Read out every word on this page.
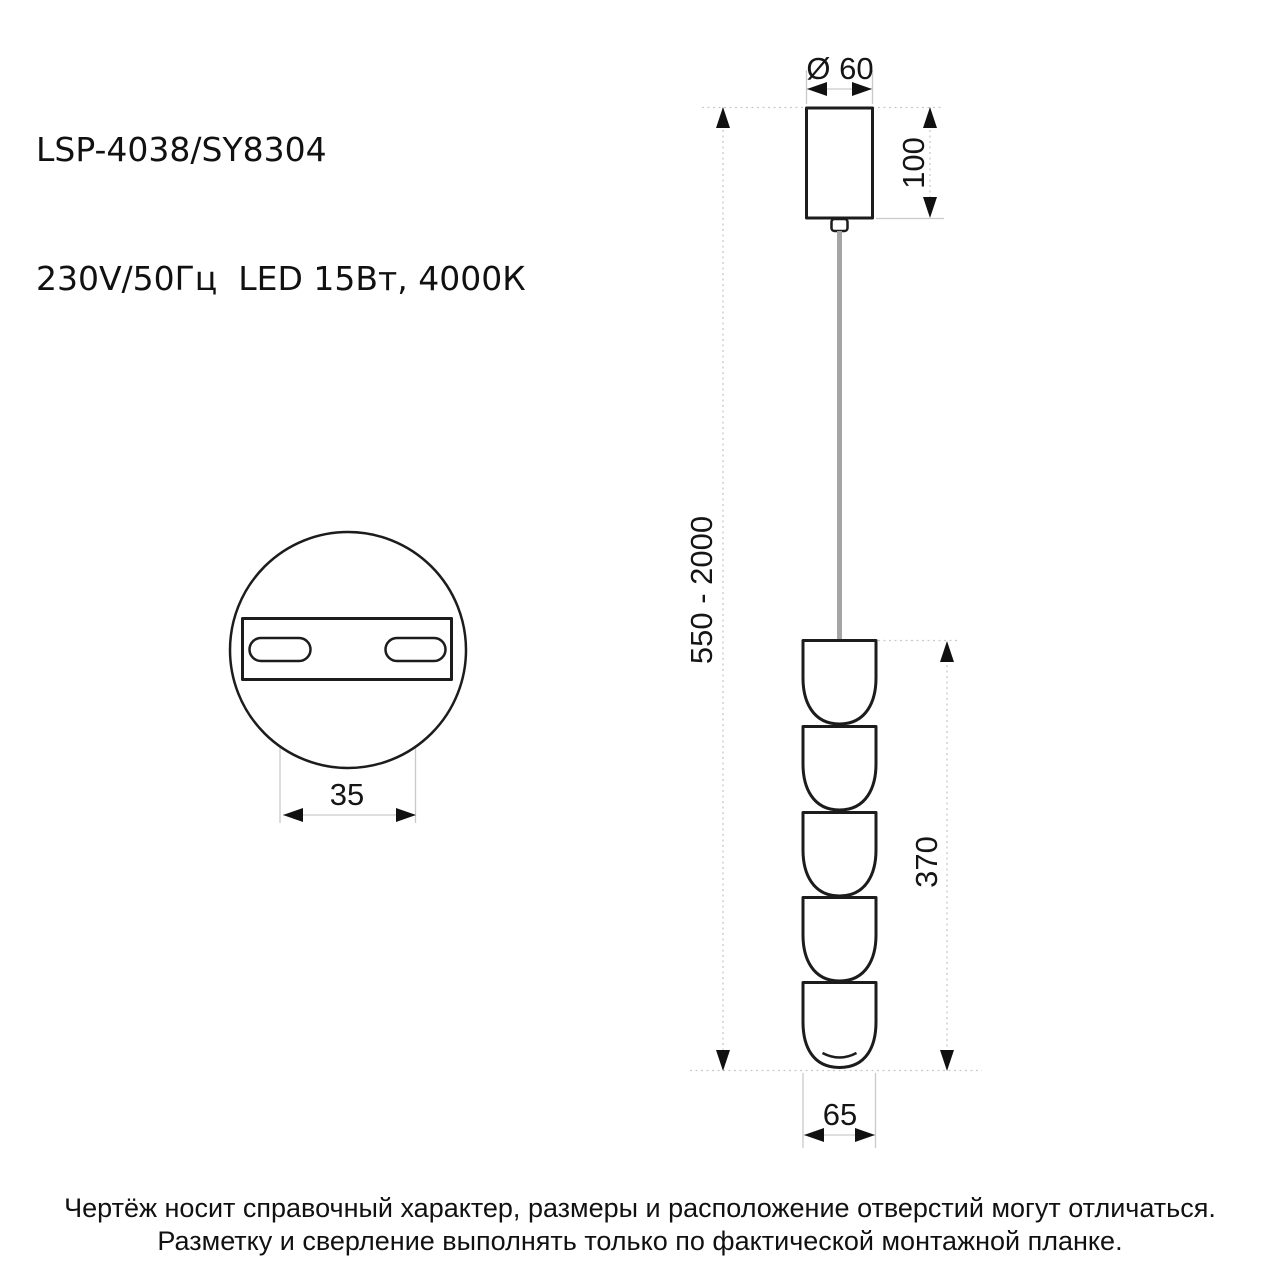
LSP-4038/SY8304

230V/50Гц  LED 15Вт, 4000К

Ø 60
100
550 - 2000
370
65
35
Чертёж носит справочный характер, размеры и расположение отверстий могут отличаться.
Разметку и сверление выполнять только по фактической монтажной планке.
